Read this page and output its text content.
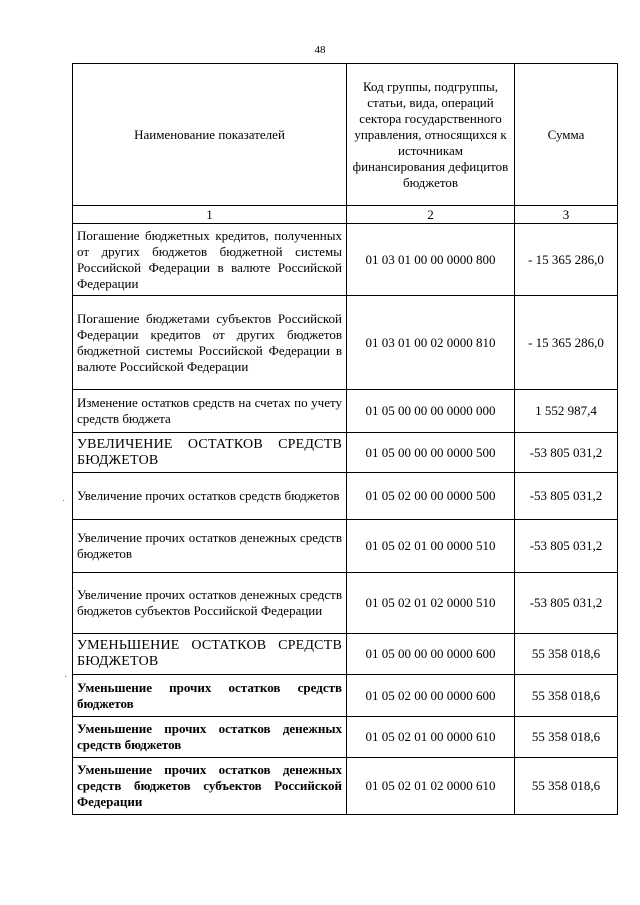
48
·
·
Наименование показателей	Код группы, подгруппы, статьи, вида, операций сектора государственного управления, относящихся к источникам финансирования дефицитов бюджетов	Сумма
1	2	3
Погашение бюджетных кредитов, полученных от других бюджетов бюджетной системы Российской Федерации в валюте Российской Федерации	01 03 01 00 00 0000 800	- 15 365 286,0
Погашение бюджетами субъектов Российской Федерации кредитов от других бюджетов бюджетной системы Российской Федерации в валюте Российской Федерации	01 03 01 00 02 0000 810	- 15 365 286,0
Изменение остатков средств на счетах по учету средств бюджета	01 05 00 00 00 0000 000	1 552 987,4
УВЕЛИЧЕНИЕ ОСТАТКОВ СРЕДСТВ БЮДЖЕТОВ	01 05 00 00 00 0000 500	-53 805 031,2
Увеличение прочих остатков средств бюджетов	01 05 02 00 00 0000 500	-53 805 031,2
Увеличение прочих остатков денежных средств бюджетов	01 05 02 01 00 0000 510	-53 805 031,2
Увеличение прочих остатков денежных средств бюджетов субъектов Российской Федерации	01 05 02 01 02 0000 510	-53 805 031,2
УМЕНЬШЕНИЕ ОСТАТКОВ СРЕДСТВ БЮДЖЕТОВ	01 05 00 00 00 0000 600	55 358 018,6
Уменьшение прочих остатков средств бюджетов	01 05 02 00 00 0000 600	55 358 018,6
Уменьшение прочих остатков денежных средств бюджетов	01 05 02 01 00 0000 610	55 358 018,6
Уменьшение прочих остатков денежных средств бюджетов субъектов Российской Федерации	01 05 02 01 02 0000 610	55 358 018,6
